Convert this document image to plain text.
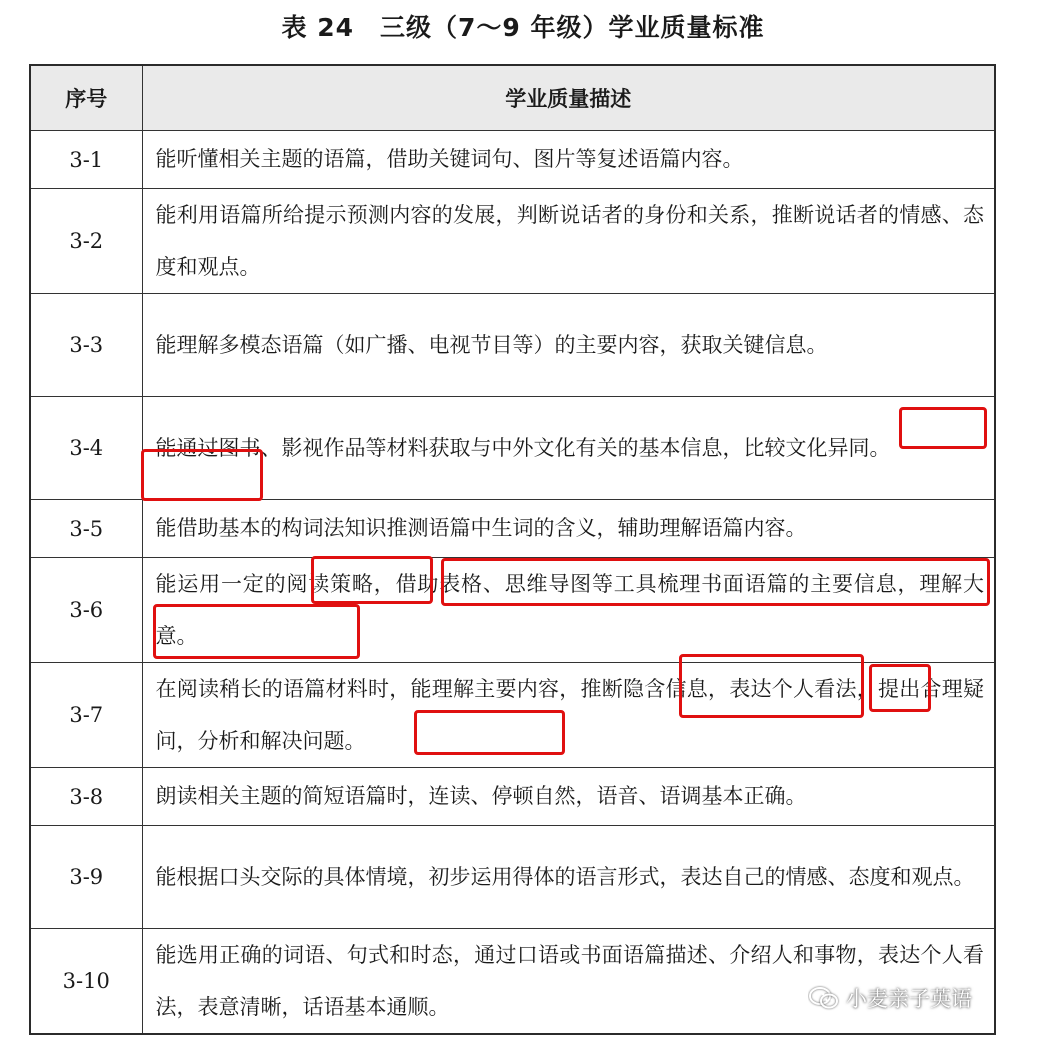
表 24　三级（7～9 年级）学业质量标准
序号	学业质量描述
3-1	能听懂相关主题的语篇，借助关键词句、图片等复述语篇内容。
3-2	能利用语篇所给提示预测内容的发展，判断说话者的身份和关系，推断说话者的情感、态度和观点。
3-3	能理解多模态语篇（如广播、电视节目等）的主要内容，获取关键信息。
3-4	能通过图书、影视作品等材料获取与中外文化有关的基本信息，比较文化异同。
3-5	能借助基本的构词法知识推测语篇中生词的含义，辅助理解语篇内容。
3-6	能运用一定的阅读策略，借助表格、思维导图等工具梳理书面语篇的主要信息，理解大意。
3-7	在阅读稍长的语篇材料时，能理解主要内容，推断隐含信息，表达个人看法，提出合理疑问，分析和解决问题。
3-8	朗读相关主题的简短语篇时，连读、停顿自然，语音、语调基本正确。
3-9	能根据口头交际的具体情境，初步运用得体的语言形式，表达自己的情感、态度和观点。
3-10	能选用正确的词语、句式和时态，通过口语或书面语篇描述、介绍人和事物，表达个人看法，表意清晰，话语基本通顺。	小麦亲子英语
